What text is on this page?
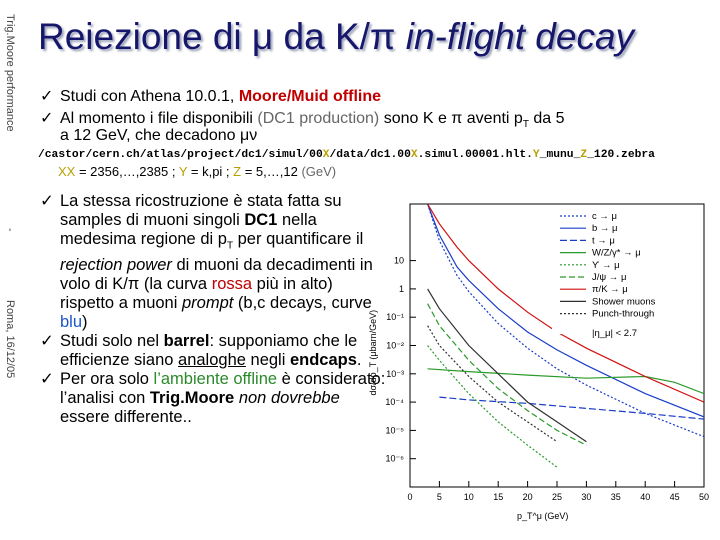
Trig.Moore performance
-
Roma, 16/12/05
Reiezione di μ da K/π in-flight decay
✓ Studi con Athena 10.0.1, Moore/Muid offline
✓ Al momento i file disponibili (DC1 production) sono K e π aventi $p_T$ da 5
a 12 GeV, che decadono μν
/castor/cern.ch/atlas/project/dc1/simul/00X/data/dc1.00X.simul.00001.hlt.Y_munu_Z_120.zebra
XX = 2356,…,2385 ; Y = k,pi ; Z = 5,…,12 (GeV)
✓ La stessa ricostruzione è stata fatta su samples di muoni singoli DC1 nella medesima regione di $p_T$ per quantificare il rejection power di muoni da decadimenti in volo di K/π (la curva rossa più in alto) rispetto a muoni prompt (b,c decays, curve blu)
✓ Studi solo nel barrel: supponiamo che le efficienze siano analoghe negli endcaps.
✓ Per ora solo l’ambiente offline è considerato: l’analisi con Trig.Moore non dovrebbe essere differente..
10
1
10⁻¹
10⁻²
10⁻³
10⁻⁴
10⁻⁵
10⁻⁶
0	5 10 15 20 25 30 35 40 45 50
p_T^μ (GeV)
dσ/dp_T (μbarn/GeV)
c → μ
b → μ
t → μ
W/Z/γ* → μ
ϒ → μ
J/ψ → μ
π/K → μ
Shower muons
Punch-through
|η_μ| < 2.7
